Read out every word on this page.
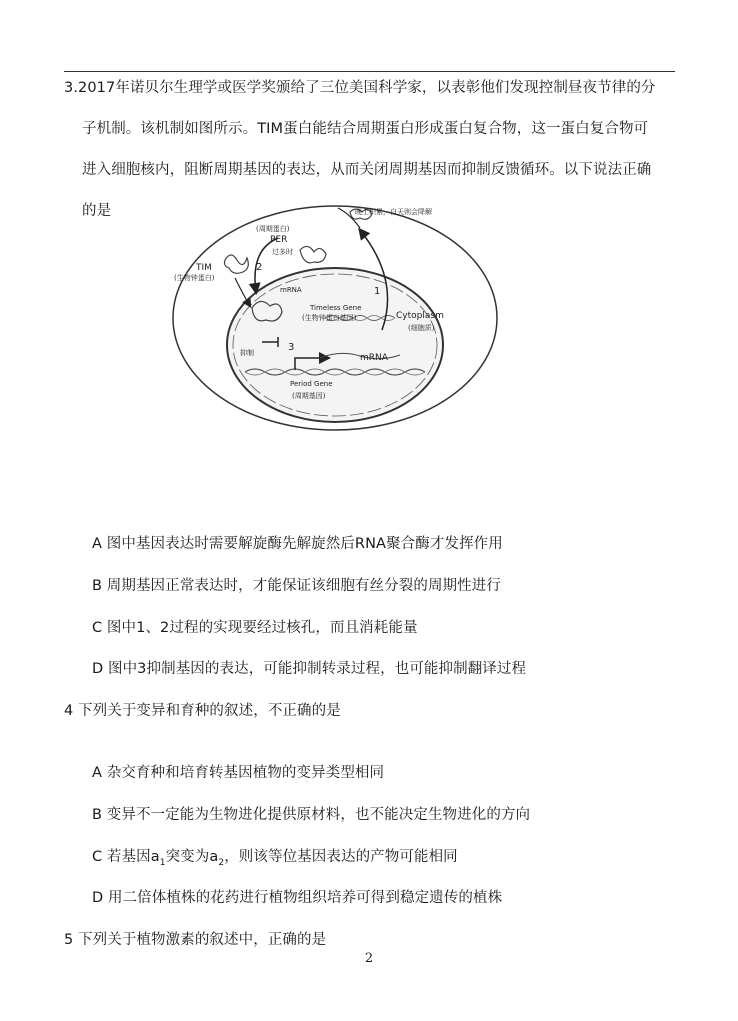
3.2017年诺贝尔生理学或医学奖颁给了三位美国科学家，以表彰他们发现控制昼夜节律的分
子机制。该机制如图所示。TIM蛋白能结合周期蛋白形成蛋白复合物，这一蛋白复合物可
进入细胞核内，阻断周期基因的表达，从而关闭周期基因而抑制反馈循环。以下说法正确
的是	晚上积累，白天则会降解
(周期蛋白)
PER
过多时
TIM
(生物钟蛋白)
2
mRNA	1
Timeless Gene
(生物钟蛋白基因)	Cytoplasm
(细胞质)
3
抑制	mRNA
Period Gene
(周期基因)
A 图中基因表达时需要解旋酶先解旋然后RNA聚合酶才发挥作用
B 周期基因正常表达时，才能保证该细胞有丝分裂的周期性进行
C 图中1、2过程的实现要经过核孔，而且消耗能量
D 图中3抑制基因的表达，可能抑制转录过程，也可能抑制翻译过程
4 下列关于变异和育种的叙述，不正确的是
A 杂交育种和培育转基因植物的变异类型相同
B 变异不一定能为生物进化提供原材料，也不能决定生物进化的方向
C 若基因$a_1$突变为$a_2$，则该等位基因表达的产物可能相同
D 用二倍体植株的花药进行植物组织培养可得到稳定遗传的植株
5 下列关于植物激素的叙述中，正确的是
2
